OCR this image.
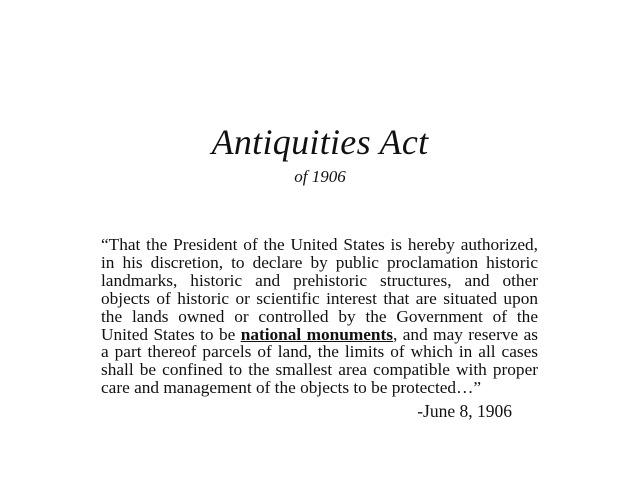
Antiquities Act
of 1906
“That the President of the United States is hereby authorized,
in his discretion, to declare by public proclamation historic
landmarks, historic and prehistoric structures, and other
objects of historic or scientific interest that are situated upon
the lands owned or controlled by the Government of the
United States to be national monuments, and may reserve as
a part thereof parcels of land, the limits of which in all cases
shall be confined to the smallest area compatible with proper
care and management of the objects to be protected…”
-June 8, 1906
